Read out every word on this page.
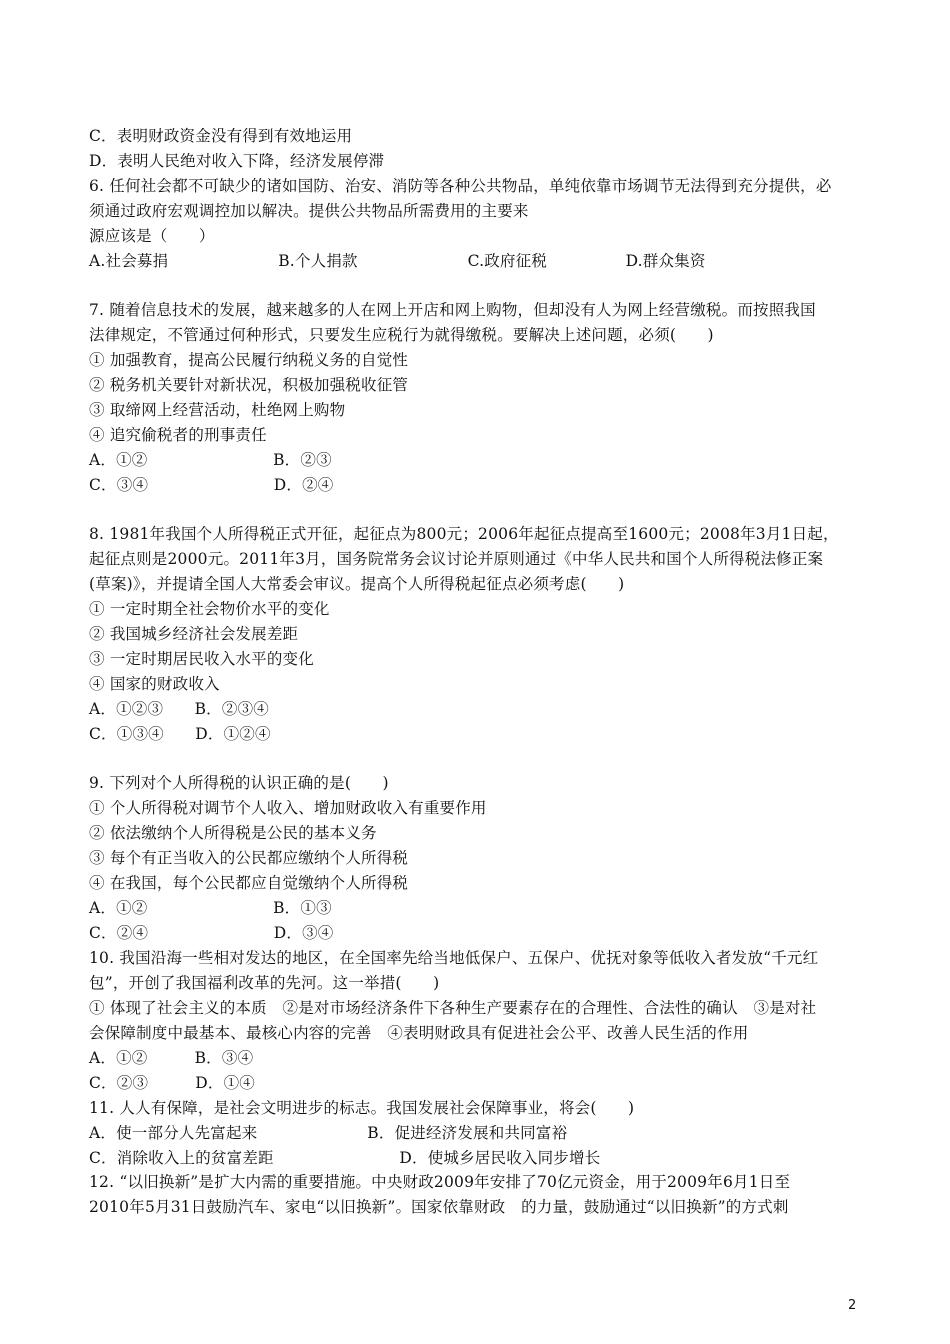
C．表明财政资金没有得到有效地运用
D．表明人民绝对收入下降，经济发展停滞
6. 任何社会都不可缺少的诸如国防、治安、消防等各种公共物品，单纯依靠市场调节无法得到充分提供，必
须通过政府宏观调控加以解决。提供公共物品所需费用的主要来
源应该是（　　）
A.社会募捐　　　　　　　B.个人捐款　　　　　　　C.政府征税　　　　　D.群众集资
7. 随着信息技术的发展，越来越多的人在网上开店和网上购物，但却没有人为网上经营缴税。而按照我国
法律规定，不管通过何种形式，只要发生应税行为就得缴税。要解决上述问题，必须(　　)
① 加强教育，提高公民履行纳税义务的自觉性
② 税务机关要针对新状况，积极加强税收征管
③ 取缔网上经营活动，杜绝网上购物
④ 追究偷税者的刑事责任
A．①②　　　　　　　　B．②③
C．③④　　　　　　　　D．②④
8. 1981年我国个人所得税正式开征，起征点为800元；2006年起征点提高至1600元；2008年3月1日起，
起征点则是2000元。2011年3月，国务院常务会议讨论并原则通过《中华人民共和国个人所得税法修正案
(草案)》，并提请全国人大常委会审议。提高个人所得税起征点必须考虑(　　)
① 一定时期全社会物价水平的变化
② 我国城乡经济社会发展差距
③ 一定时期居民收入水平的变化
④ 国家的财政收入
A．①②③　　B．②③④
C．①③④　　D．①②④
9. 下列对个人所得税的认识正确的是(　　)
① 个人所得税对调节个人收入、增加财政收入有重要作用
② 依法缴纳个人所得税是公民的基本义务
③ 每个有正当收入的公民都应缴纳个人所得税
④ 在我国，每个公民都应自觉缴纳个人所得税
A．①②　　　　　　　　B．①③
C．②④　　　　　　　　D．③④
10. 我国沿海一些相对发达的地区，在全国率先给当地低保户、五保户、优抚对象等低收入者发放“千元红
包”，开创了我国福利改革的先河。这一举措(　　)
① 体现了社会主义的本质　②是对市场经济条件下各种生产要素存在的合理性、合法性的确认　③是对社
会保障制度中最基本、最核心内容的完善　④表明财政具有促进社会公平、改善人民生活的作用
A．①②　　　B．③④
C．②③　　　D．①④
11. 人人有保障，是社会文明进步的标志。我国发展社会保障事业，将会(　　)
A．使一部分人先富起来　　　　　　　B．促进经济发展和共同富裕
C．消除收入上的贫富差距　　　　　　　　D．使城乡居民收入同步增长
12. “以旧换新”是扩大内需的重要措施。中央财政2009年安排了70亿元资金，用于2009年6月1日至
2010年5月31日鼓励汽车、家电“以旧换新”。国家依靠财政　的力量，鼓励通过“以旧换新”的方式刺
2
